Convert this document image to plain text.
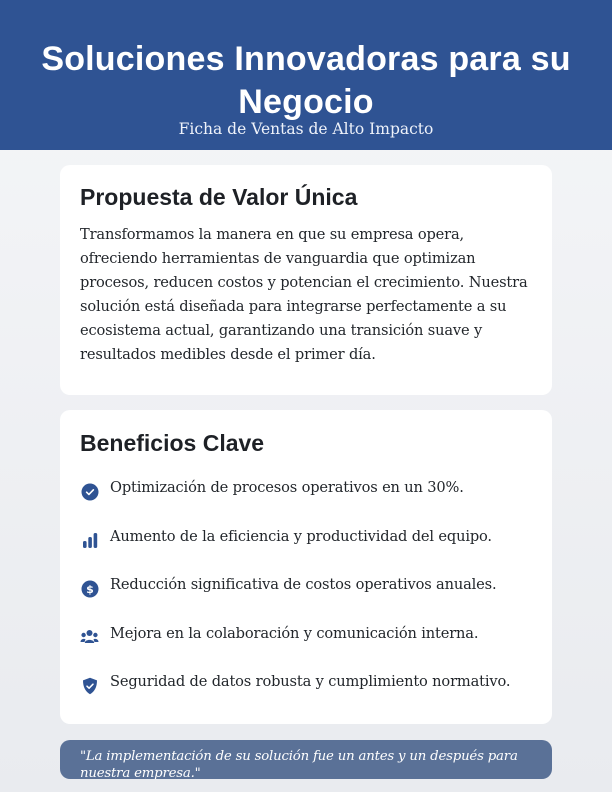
Soluciones Innovadoras para su Negocio
Ficha de Ventas de Alto Impacto
Propuesta de Valor Única

Transformamos la manera en que su empresa opera, ofreciendo herramientas de vanguardia que optimizan procesos, reducen costos y potencian el crecimiento. Nuestra solución está diseñada para integrarse perfectamente a su ecosistema actual, garantizando una transición suave y resultados medibles desde el primer día.

Beneficios Clave
Optimización de procesos operativos en un 30%.
Aumento de la eficiencia y productividad del equipo.
$ Reducción significativa de costos operativos anuales.
Mejora en la colaboración y comunicación interna.
Seguridad de datos robusta y cumplimiento normativo.

"La implementación de su solución fue un antes y un después para nuestra empresa."
